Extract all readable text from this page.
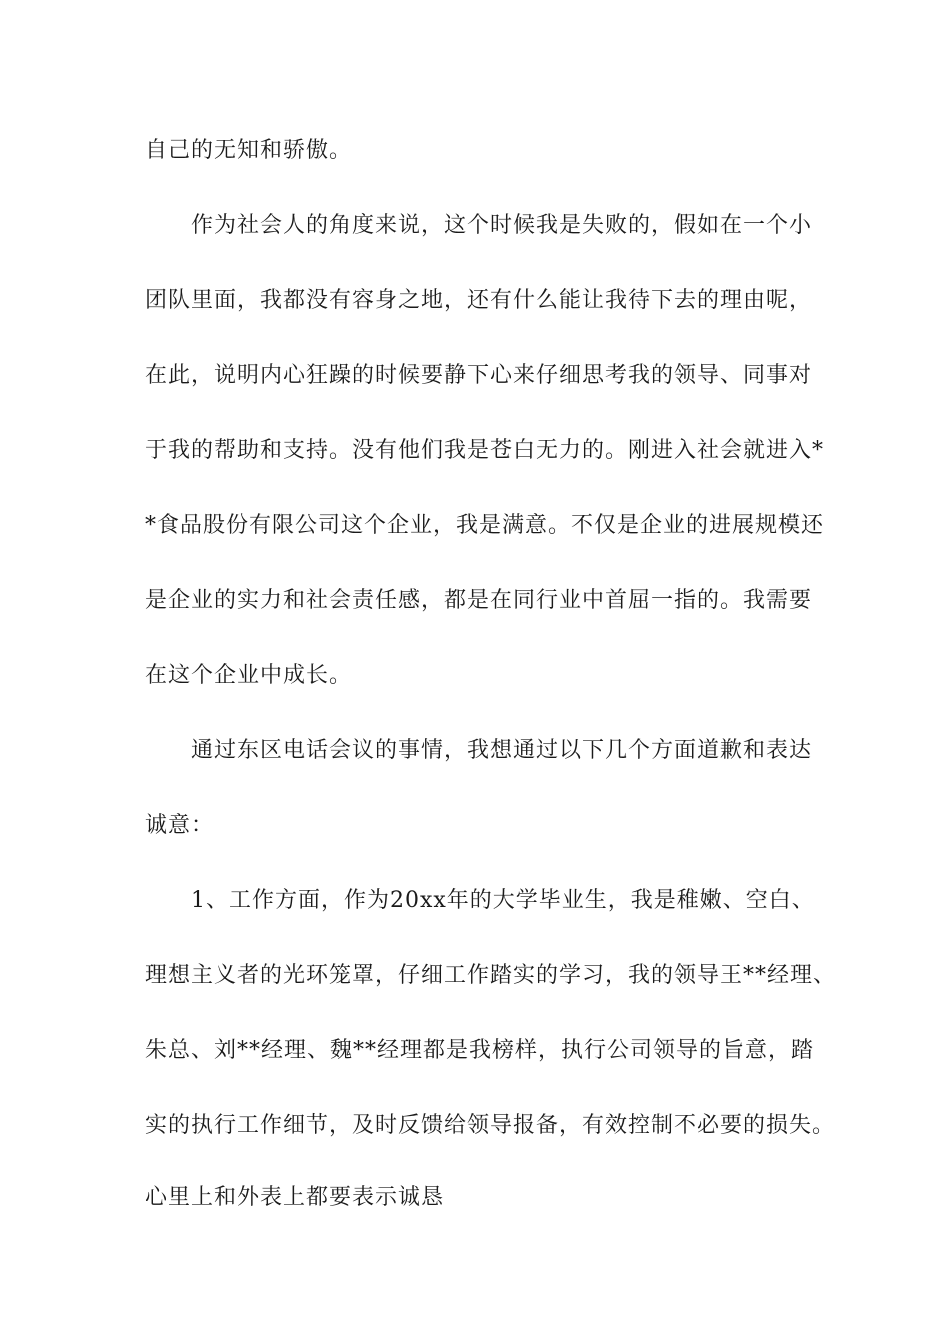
自己的无知和骄傲。
作为社会人的角度来说，这个时候我是失败的，假如在一个小
团队里面，我都没有容身之地，还有什么能让我待下去的理由呢，
在此，说明内心狂躁的时候要静下心来仔细思考我的领导、同事对
于我的帮助和支持。没有他们我是苍白无力的。刚进入社会就进入*
*食品股份有限公司这个企业，我是满意。不仅是企业的进展规模还
是企业的实力和社会责任感，都是在同行业中首屈一指的。我需要
在这个企业中成长。
通过东区电话会议的事情，我想通过以下几个方面道歉和表达
诚意：
1、工作方面，作为20xx年的大学毕业生，我是稚嫩、空白、
理想主义者的光环笼罩，仔细工作踏实的学习，我的领导王**经理、
朱总、刘**经理、魏**经理都是我榜样，执行公司领导的旨意，踏
实的执行工作细节，及时反馈给领导报备，有效控制不必要的损失。
心里上和外表上都要表示诚恳
